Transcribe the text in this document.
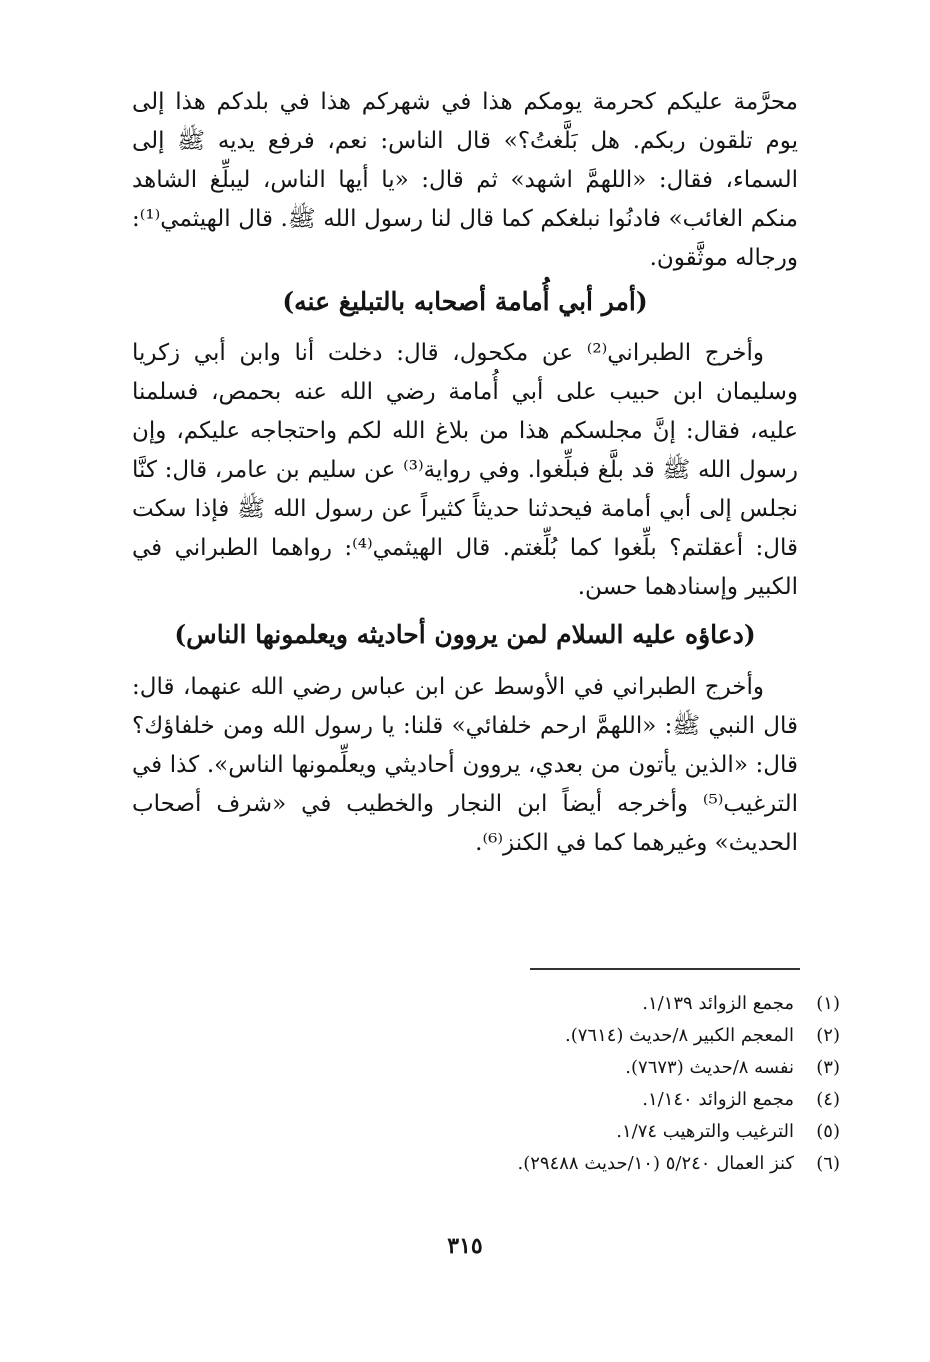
محرَّمة عليكم كحرمة يومكم هذا في شهركم هذا في بلدكم هذا إلى يوم تلقون ربكم. هل بَلَّغتُ؟» قال الناس: نعم، فرفع يديه ﷺ إلى السماء، فقال: «اللهمَّ اشهد» ثم قال: «يا أيها الناس، ليبلِّغ الشاهد منكم الغائب» فادنُوا نبلغكم كما قال لنا رسول الله ﷺ. قال الهيثمي⁽¹⁾: ورجاله موثَّقون.

(أمر أبي أُمامة أصحابه بالتبليغ عنه)

وأخرج الطبراني⁽²⁾ عن مكحول، قال: دخلت أنا وابن أبي زكريا وسليمان ابن حبيب على أبي أُمامة رضي الله عنه بحمص، فسلمنا عليه، فقال: إنَّ مجلسكم هذا من بلاغ الله لكم واحتجاجه عليكم، وإن رسول الله ﷺ قد بلَّغ فبلِّغوا. وفي رواية⁽³⁾ عن سليم بن عامر، قال: كنَّا نجلس إلى أبي أمامة فيحدثنا حديثاً كثيراً عن رسول الله ﷺ فإذا سكت قال: أعقلتم؟ بلِّغوا كما بُلِّغتم. قال الهيثمي⁽⁴⁾: رواهما الطبراني في الكبير وإسنادهما حسن.

(دعاؤه عليه السلام لمن يروون أحاديثه ويعلمونها الناس)

وأخرج الطبراني في الأوسط عن ابن عباس رضي الله عنهما، قال: قال النبي ﷺ: «اللهمَّ ارحم خلفائي» قلنا: يا رسول الله ومن خلفاؤك؟ قال: «الذين يأتون من بعدي، يروون أحاديثي ويعلِّمونها الناس». كذا في الترغيب⁽⁵⁾ وأخرجه أيضاً ابن النجار والخطيب في «شرف أصحاب الحديث» وغيرهما كما في الكنز⁽⁶⁾.

(١)
مجمع الزوائد ١/١٣٩.
(٢)
المعجم الكبير ٨/حديث (٧٦١٤).
(٣)
نفسه ٨/حديث (٧٦٧٣).
(٤)
مجمع الزوائد ١/١٤٠.
(٥)
الترغيب والترهيب ١/٧٤.
(٦)
كنز العمال ٥/٢٤٠ (١٠/حديث ٢٩٤٨٨).
٣١٥
